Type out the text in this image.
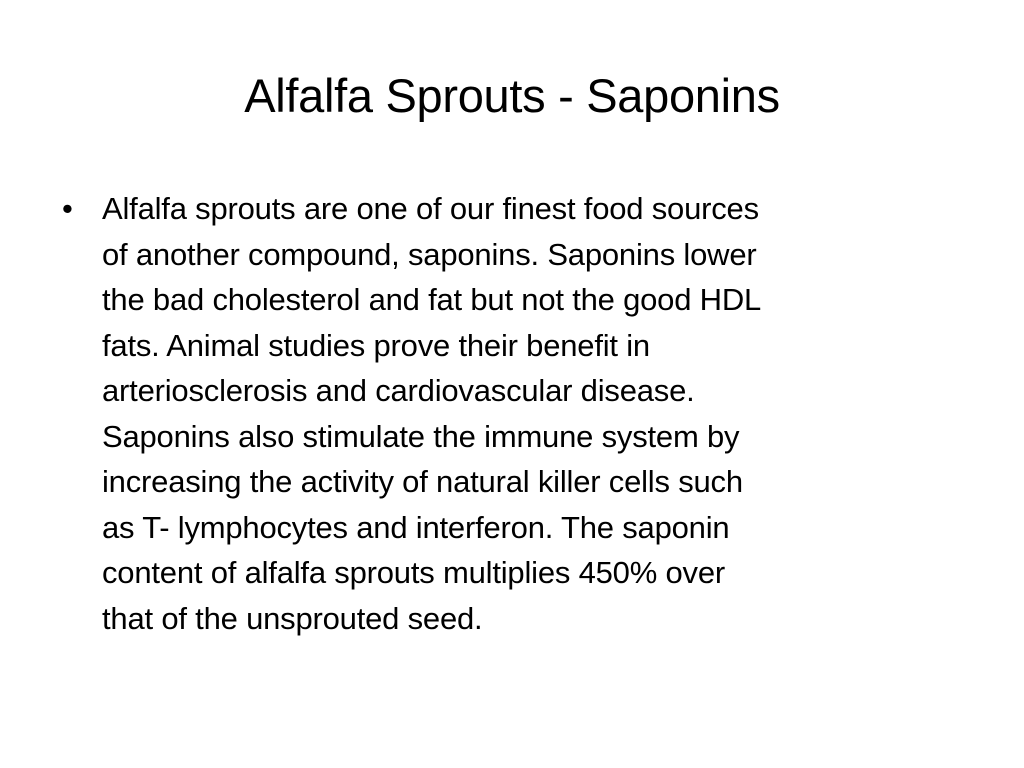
Alfalfa Sprouts - Saponins
• Alfalfa sprouts are one of our finest food sources
of another compound, saponins. Saponins lower
the bad cholesterol and fat but not the good HDL
fats. Animal studies prove their benefit in
arteriosclerosis and cardiovascular disease.
Saponins also stimulate the immune system by
increasing the activity of natural killer cells such
as T- lymphocytes and interferon. The saponin
content of alfalfa sprouts multiplies 450% over
that of the unsprouted seed.
